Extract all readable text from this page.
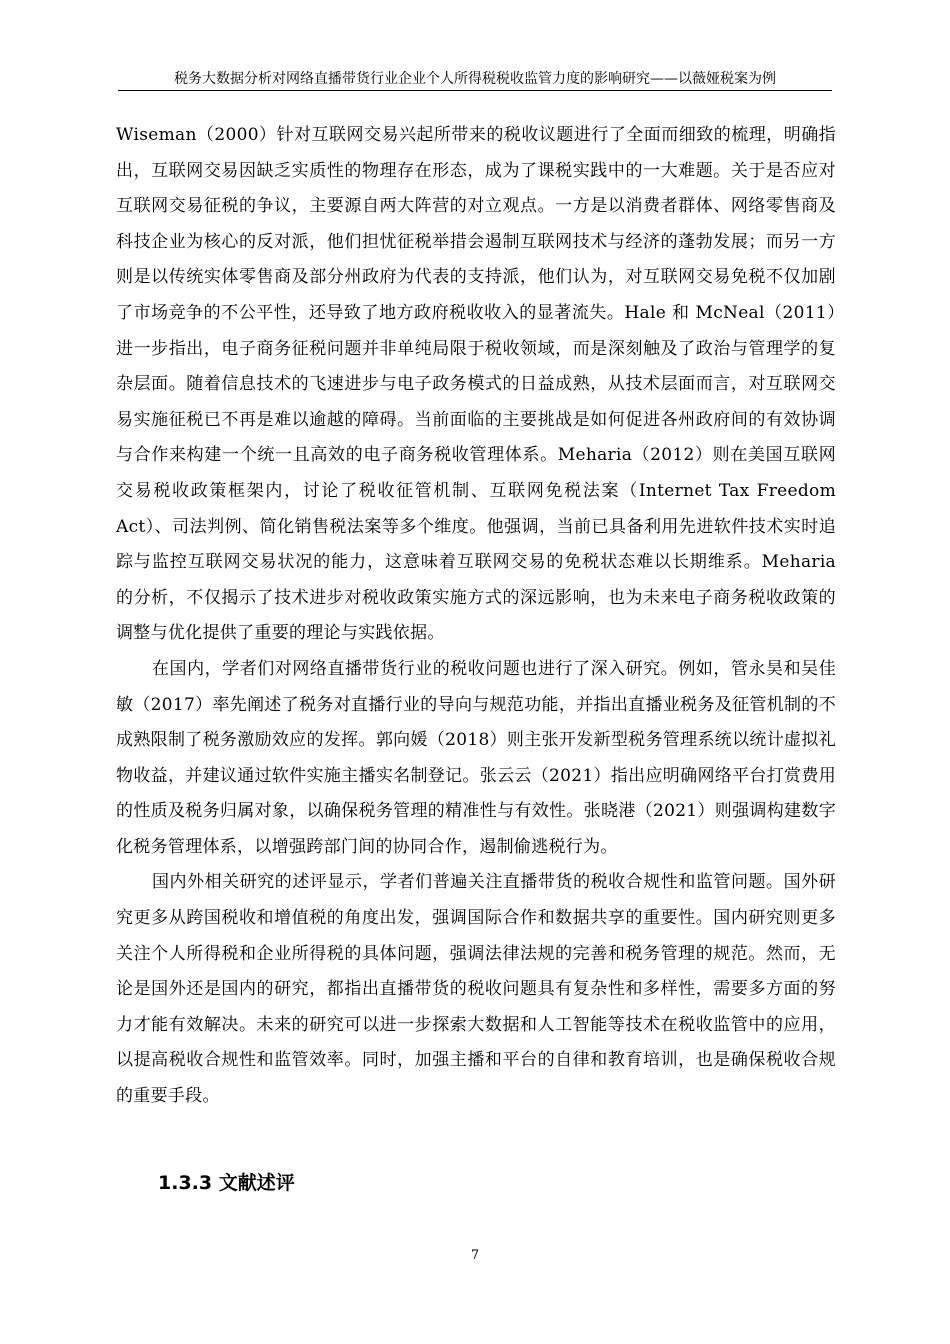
税务大数据分析对网络直播带货行业企业个人所得税税收监管力度的影响研究——以薇娅税案为例

Wiseman（2000）针对互联网交易兴起所带来的税收议题进行了全面而细致的梳理，明确指出，互联网交易因缺乏实质性的物理存在形态，成为了课税实践中的一大难题。关于是否应对互联网交易征税的争议，主要源自两大阵营的对立观点。一方是以消费者群体、网络零售商及科技企业为核心的反对派，他们担忧征税举措会遏制互联网技术与经济的蓬勃发展；而另一方则是以传统实体零售商及部分州政府为代表的支持派，他们认为，对互联网交易免税不仅加剧了市场竞争的不公平性，还导致了地方政府税收收入的显著流失。Hale 和 McNeal（2011）进一步指出，电子商务征税问题并非单纯局限于税收领域，而是深刻触及了政治与管理学的复杂层面。随着信息技术的飞速进步与电子政务模式的日益成熟，从技术层面而言，对互联网交易实施征税已不再是难以逾越的障碍。当前面临的主要挑战是如何促进各州政府间的有效协调与合作来构建一个统一且高效的电子商务税收管理体系。Meharia（2012）则在美国互联网交易税收政策框架内，讨论了税收征管机制、互联网免税法案（Internet Tax Freedom Act）、司法判例、简化销售税法案等多个维度。他强调，当前已具备利用先进软件技术实时追踪与监控互联网交易状况的能力，这意味着互联网交易的免税状态难以长期维系。Meharia 的分析，不仅揭示了技术进步对税收政策实施方式的深远影响，也为未来电子商务税收政策的调整与优化提供了重要的理论与实践依据。

在国内，学者们对网络直播带货行业的税收问题也进行了深入研究。例如，管永昊和吴佳敏（2017）率先阐述了税务对直播行业的导向与规范功能，并指出直播业税务及征管机制的不成熟限制了税务激励效应的发挥。郭向媛（2018）则主张开发新型税务管理系统以统计虚拟礼物收益，并建议通过软件实施主播实名制登记。张云云（2021）指出应明确网络平台打赏费用的性质及税务归属对象，以确保税务管理的精准性与有效性。张晓港（2021）则强调构建数字化税务管理体系，以增强跨部门间的协同合作，遏制偷逃税行为。

国内外相关研究的述评显示，学者们普遍关注直播带货的税收合规性和监管问题。国外研究更多从跨国税收和增值税的角度出发，强调国际合作和数据共享的重要性。国内研究则更多关注个人所得税和企业所得税的具体问题，强调法律法规的完善和税务管理的规范。然而，无论是国外还是国内的研究，都指出直播带货的税收问题具有复杂性和多样性，需要多方面的努力才能有效解决。未来的研究可以进一步探索大数据和人工智能等技术在税收监管中的应用，以提高税收合规性和监管效率。同时，加强主播和平台的自律和教育培训，也是确保税收合规的重要手段。

1.3.3 文献述评
7
